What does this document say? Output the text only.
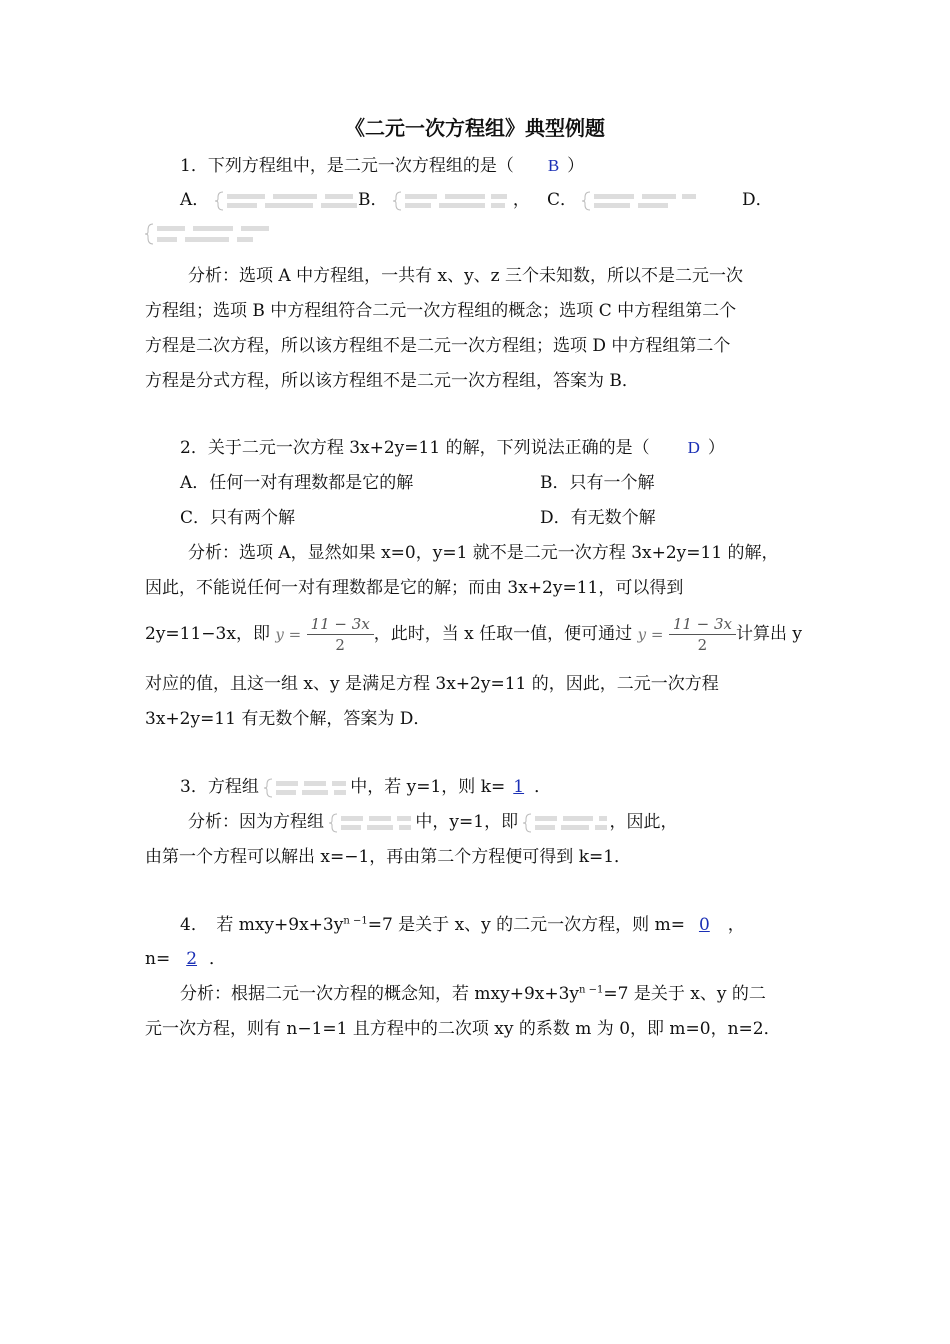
《二元一次方程组》典型例题
1．下列方程组中，是二元一次方程组的是（ B ）
A．	B．	， C．	D．
分析：选项 A 中方程组，一共有 x、y、z 三个未知数，所以不是二元一次
方程组；选项 B 中方程组符合二元一次方程组的概念；选项 C 中方程组第二个
方程是二次方程，所以该方程组不是二元一次方程组；选项 D 中方程组第二个
方程是分式方程，所以该方程组不是二元一次方程组，答案为 B．
2．关于二元一次方程 3x+2y=11 的解，下列说法正确的是（ D ）
A．任何一对有理数都是它的解	B．只有一个解
C．只有两个解	D．有无数个解
分析：选项 A，显然如果 x=0，y=1 就不是二元一次方程 3x+2y=11 的解，
因此，不能说任何一对有理数都是它的解；而由 3x+2y=11，可以得到
2y=11−3x，即 $y = \frac{11 - 3x}{2}$ ，此时，当 x 任取一值，便可通过 $y = \frac{11 - 3x}{2}$ 计算出 y
对应的值，且这一组 x、y 是满足方程 3x+2y=11 的，因此，二元一次方程
3x+2y=11 有无数个解，答案为 D．
3．方程组	中，若 y=1，则 k= 1 ．
分析：因为方程组	中，y=1，即	，因此，
由第一个方程可以解出 x=−1，再由第二个方程便可得到 k=1．
4．　若 $mxy+9x+3y^{n -1}=7$ 是关于 x、y 的二元一次方程，则 m= 0 ，
n= 2 ．
分析：根据二元一次方程的概念知，若 $mxy+9x+3y^{n -1}=7$ 是关于 x、y 的二
元一次方程，则有 n−1=1 且方程中的二次项 xy 的系数 m 为 0，即 m=0，n=2．
